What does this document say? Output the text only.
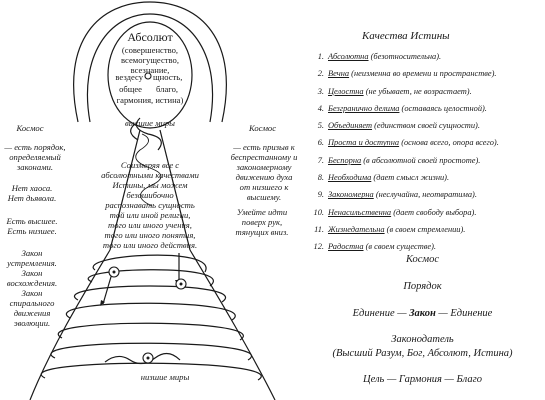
Абсолют
(совершенство,
всемогущество,
всезнание,
вездесу щность,
общее благо,
гармония, истина)
высшие миры
низшие миры
Космос
— есть порядок,
определяемый
законами.
Нет хаоса.
Нет дьявола.
Есть высшее.
Есть низшее.
Закон
устремления.
Закон
восхождения.
Закон
спирального
движения
эволюции.
Соизмеряя все с
абсолютными качествами
Истины, мы можем
безошибочно
распознавать сущность
той или иной религии,
того или иного учения,
того или иного понятия,
того или иного действия.
Космос
— есть призыв к
беспрестанному и
закономерному
движению духа
от низшего к
высшему.
Умейте идти
поверх рук,
тянущих вниз.
Качества Истины
1. Абсолютна (безотносительна).
2. Вечна (неизменна во времени и пространстве).
3. Целостна (не убывает, не возрастает).
4. Безгранично делима (оставаясь целостной).
5. Объединяет (единством своей сущности).
6. Проста и доступна (основа всего, опора всего).
7. Беспорна (в абсолютной своей простоте).
8. Необходима (дает смысл жизни).
9. Закономерна (неслучайна, неотвратима).
10. Ненасильственна (дает свободу выбора).
11. Жизнедательна (в своем стремлении).
12. Радостна (в своем существе).
Космос
Порядок
Единение — Закон — Единение
Законодатель
(Высший Разум, Бог, Абсолют, Истина)
Цель — Гармония — Благо
